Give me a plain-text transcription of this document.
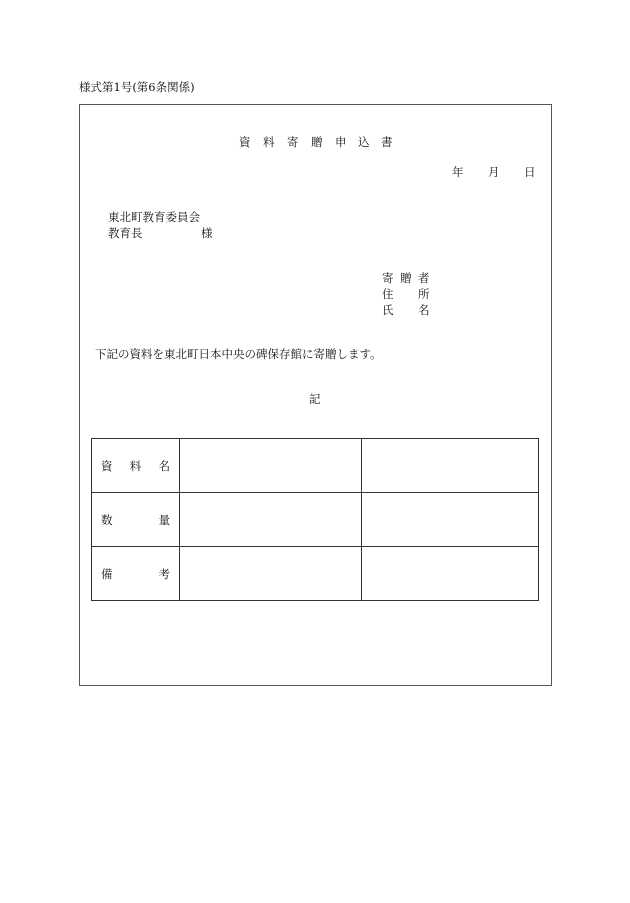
様式第1号(第6条関係)
資 料 寄 贈 申 込 書
年 月 日
東北町教育委員会
教育長	様
寄 贈 者
住 所
氏 名
下記の資料を東北町日本中央の碑保存館に寄贈します。
記
資 料 名		

数 量		

備 考		
